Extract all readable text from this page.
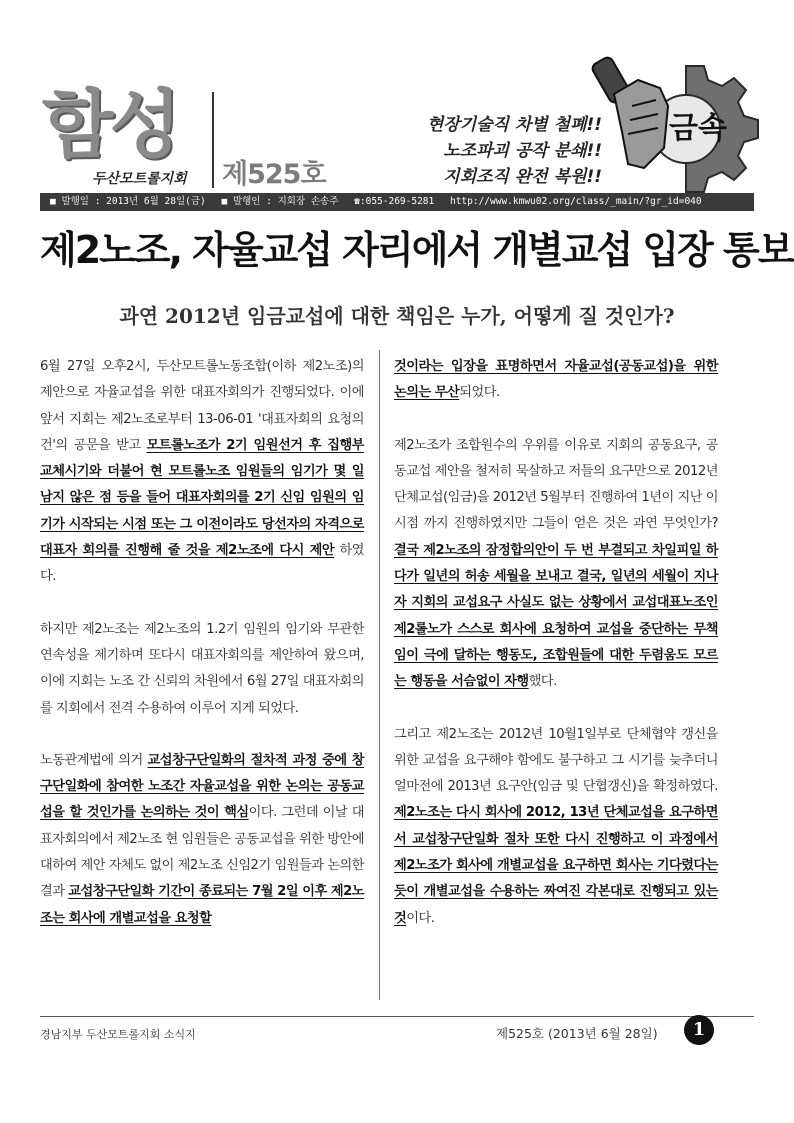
함성
두산모트롤지회 제525호
현장기술직 차별 철폐!!
노조파괴 공작 분쇄!!
지회조직 완전 복원!!
금속
■ 발행일 : 2013년 6월 28일(금) ■ 발행인 : 지회장 손송주 ☎:055-269-5281 http://www.kmwu02.org/class/_main/?gr_id=040
제2노조, 자율교섭 자리에서 개별교섭 입장 통보
과연 2012년 임금교섭에 대한 책임은 누가, 어떻게 질 것인가?

6월 27일 오후2시, 두산모트롤노동조합(이하 제2노조)의 제안으로 자율교섭을 위한 대표자회의가 진행되었다. 이에 앞서 지회는 제2노조로부터 13-06-01 '대표자회의 요청의 건'의 공문을 받고 모트롤노조가 2기 임원선거 후 집행부 교체시기와 더불어 현 모트롤노조 임원들의 임기가 몇 일 남지 않은 점 등을 들어 대표자회의를 2기 신임 임원의 임기가 시작되는 시점 또는 그 이전이라도 당선자의 자격으로 대표자 회의를 진행해 줄 것을 제2노조에 다시 제안 하였다.

하지만 제2노조는 제2노조의 1.2기 임원의 임기와 무관한 연속성을 제기하며 또다시 대표자회의를 제안하여 왔으며, 이에 지회는 노조 간 신뢰의 차원에서 6월 27일 대표자회의를 지회에서 전격 수용하여 이루어 지게 되었다.

노동관계법에 의거 교섭창구단일화의 절차적 과정 중에 창구단일화에 참여한 노조간 자율교섭을 위한 논의는 공동교섭을 할 것인가를 논의하는 것이 핵심이다. 그런데 이날 대표자회의에서 제2노조 현 임원들은 공동교섭을 위한 방안에 대하여 제안 자체도 없이 제2노조 신임2기 임원들과 논의한 결과 교섭창구단일화 기간이 종료되는 7월 2일 이후 제2노조는 회사에 개별교섭을 요청할

것이라는 입장을 표명하면서 자율교섭(공동교섭)을 위한 논의는 무산되었다.

제2노조가 조합원수의 우위를 이유로 지회의 공동요구, 공동교섭 제안을 철저히 묵살하고 저들의 요구만으로 2012년 단체교섭(임금)을 2012년 5월부터 진행하여 1년이 지난 이 시점 까지 진행하였지만 그들이 얻은 것은 과연 무엇인가? 결국 제2노조의 잠정합의안이 두 번 부결되고 차일피일 하다가 일년의 허송 세월을 보내고 결국, 일년의 세월이 지나자 지회의 교섭요구 사실도 없는 상황에서 교섭대표노조인 제2롤노가 스스로 회사에 요청하여 교섭을 중단하는 무책임이 극에 달하는 행동도, 조합원들에 대한 두렴움도 모르는 행동을 서슴없이 자행했다.

그리고 제2노조는 2012년 10월1일부로 단체협약 갱신을 위한 교섭을 요구해야 함에도 불구하고 그 시기를 늦추더니 얼마전에 2013년 요구안(임금 및 단협갱신)을 확정하였다. 제2노조는 다시 회사에 2012, 13년 단체교섭을 요구하면서 교섭창구단일화 절차 또한 다시 진행하고 이 과정에서 제2노조가 회사에 개별교섭을 요구하면 회사는 기다렸다는 듯이 개별교섭을 수용하는 짜여진 각본대로 진행되고 있는 것이다.

경남지부 두산모트롤지회 소식지	제525호 (2013년 6월 28일)	1
